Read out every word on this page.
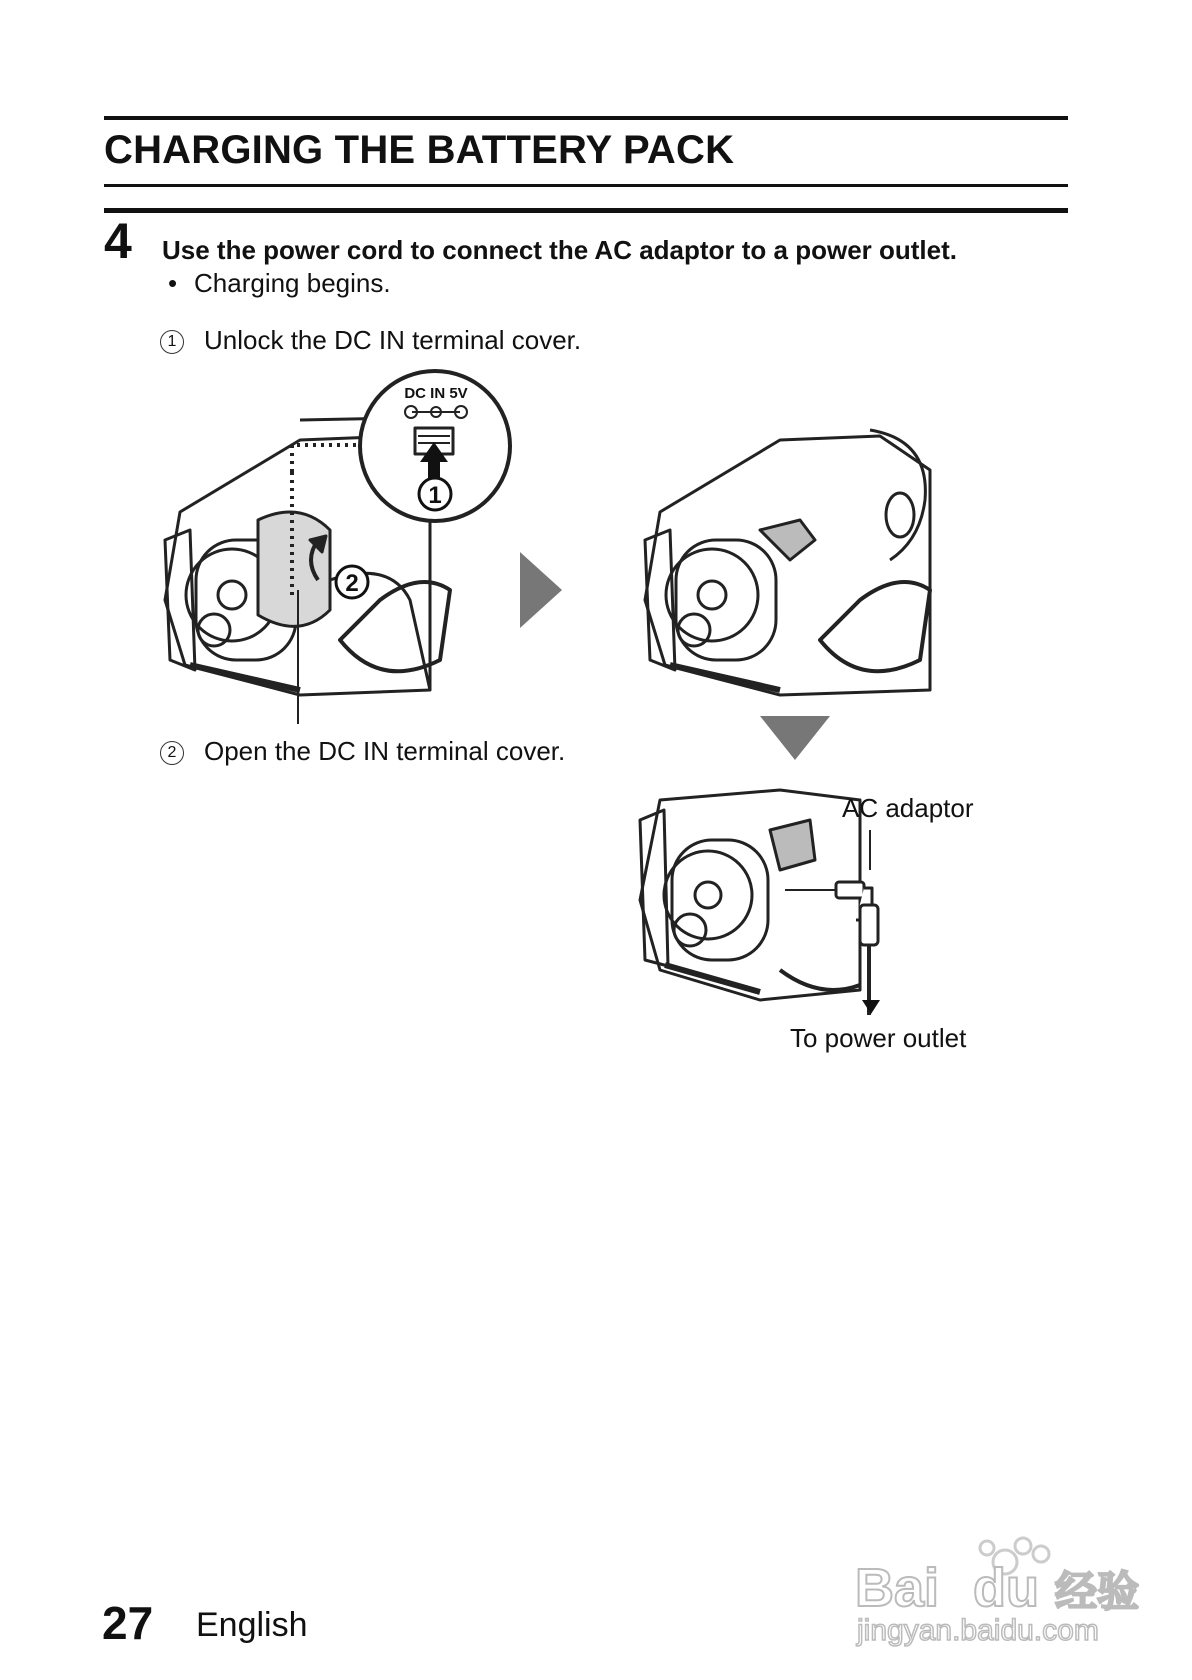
CHARGING THE BATTERY PACK
4 Use the power cord to connect the AC adaptor to a power outlet.
• Charging begins.
1 Unlock the DC IN terminal cover.
2 Open the DC IN terminal cover.
1
2
DC IN 5V
AC adaptor
To power outlet
27 English
Bai du 经验
jingyan.baidu.com
